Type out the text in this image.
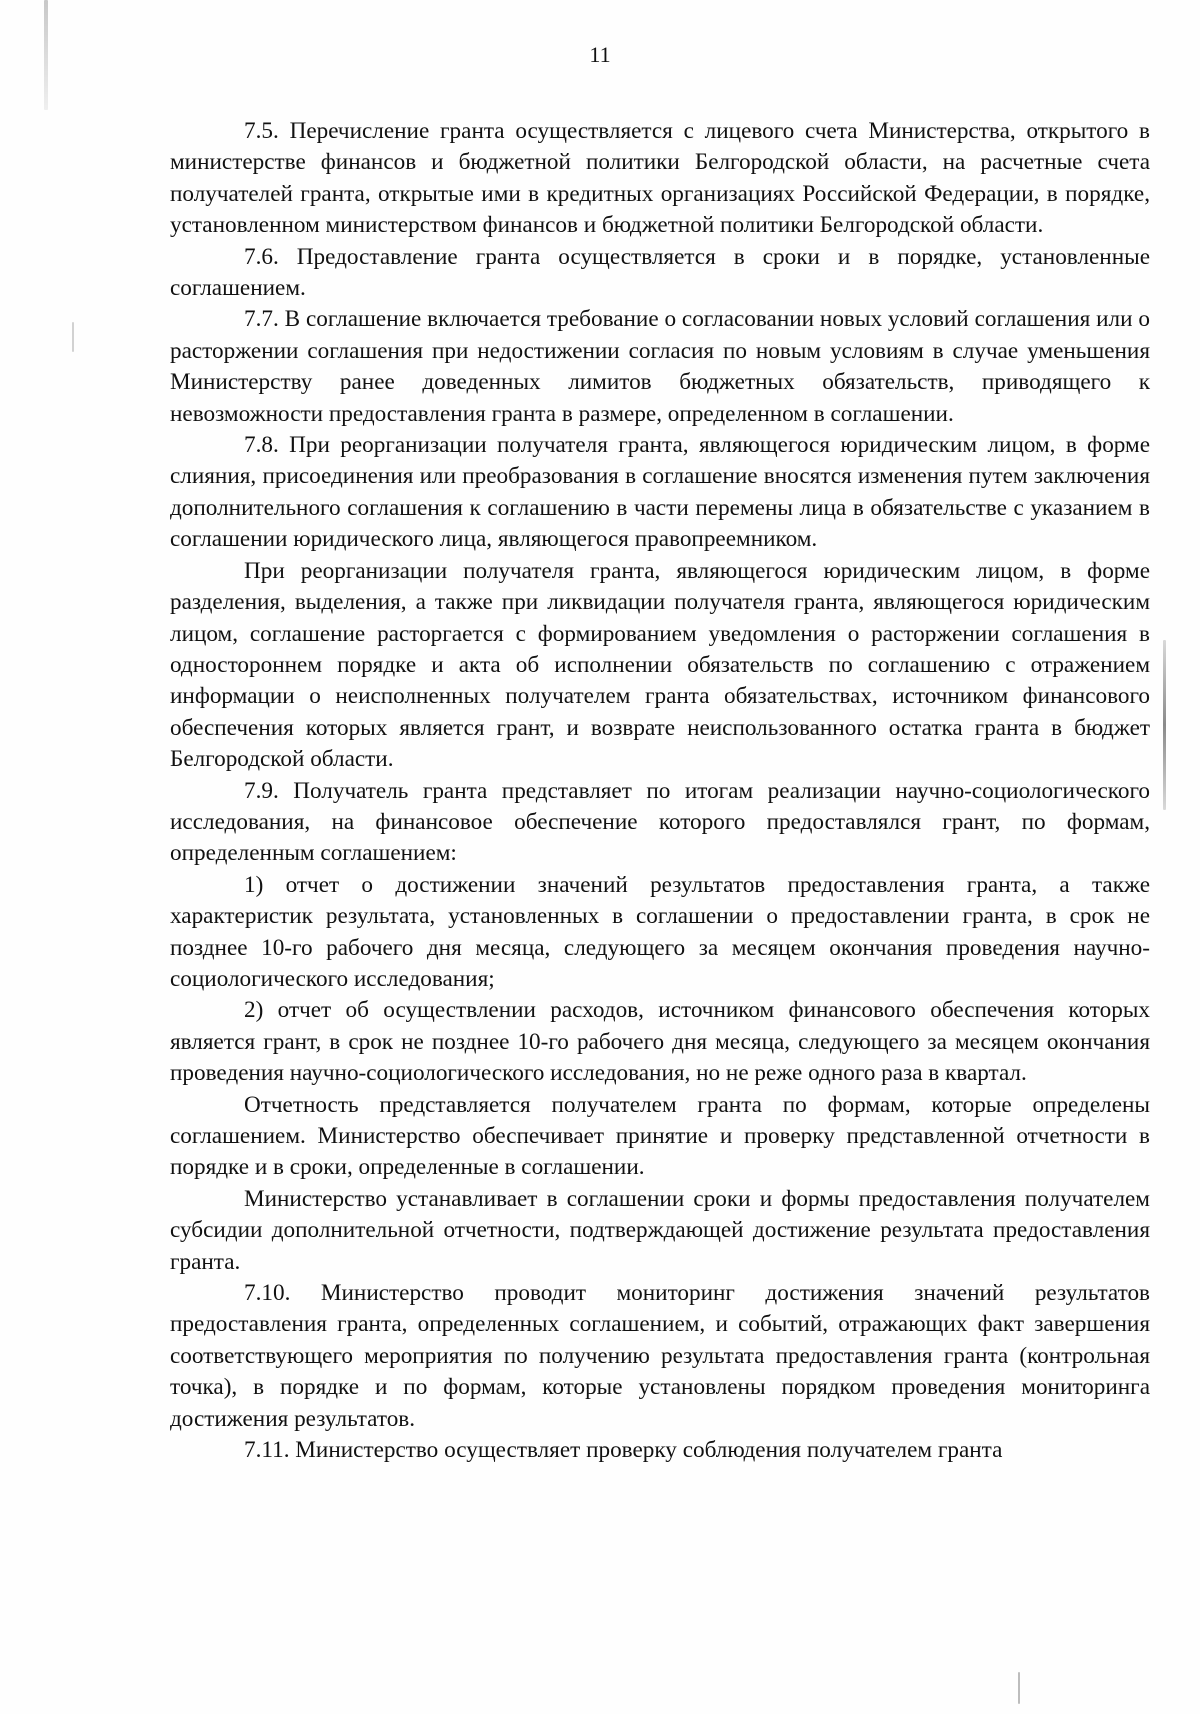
11

7.5. Перечисление гранта осуществляется с лицевого счета Министерства, открытого в министерстве финансов и бюджетной политики Белгородской области, на расчетные счета получателей гранта, открытые ими в кредитных организациях Российской Федерации, в порядке, установленном министерством финансов и бюджетной политики Белгородской области.

7.6. Предоставление гранта осуществляется в сроки и в порядке, установленные соглашением.

7.7. В соглашение включается требование о согласовании новых условий соглашения или о расторжении соглашения при недостижении согласия по новым условиям в случае уменьшения Министерству ранее доведенных лимитов бюджетных обязательств, приводящего к невозможности предоставления гранта в размере, определенном в соглашении.

7.8. При реорганизации получателя гранта, являющегося юридическим лицом, в форме слияния, присоединения или преобразования в соглашение вносятся изменения путем заключения дополнительного соглашения к соглашению в части перемены лица в обязательстве с указанием в соглашении юридического лица, являющегося правопреемником.

При реорганизации получателя гранта, являющегося юридическим лицом, в форме разделения, выделения, а также при ликвидации получателя гранта, являющегося юридическим лицом, соглашение расторгается с формированием уведомления о расторжении соглашения в одностороннем порядке и акта об исполнении обязательств по соглашению с отражением информации о неисполненных получателем гранта обязательствах, источником финансового обеспечения которых является грант, и возврате неиспользованного остатка гранта в бюджет Белгородской области.

7.9. Получатель гранта представляет по итогам реализации научно-социологического исследования, на финансовое обеспечение которого предоставлялся грант, по формам, определенным соглашением:

1) отчет о достижении значений результатов предоставления гранта, а также характеристик результата, установленных в соглашении о предоставлении гранта, в срок не позднее 10-го рабочего дня месяца, следующего за месяцем окончания проведения научно-социологического исследования;

2) отчет об осуществлении расходов, источником финансового обеспечения которых является грант, в срок не позднее 10-го рабочего дня месяца, следующего за месяцем окончания проведения научно-социологического исследования, но не реже одного раза в квартал.

Отчетность представляется получателем гранта по формам, которые определены соглашением. Министерство обеспечивает принятие и проверку представленной отчетности в порядке и в сроки, определенные в соглашении.

Министерство устанавливает в соглашении сроки и формы предоставления получателем субсидии дополнительной отчетности, подтверждающей достижение результата предоставления гранта.

7.10. Министерство проводит мониторинг достижения значений результатов предоставления гранта, определенных соглашением, и событий, отражающих факт завершения соответствующего мероприятия по получению результата предоставления гранта (контрольная точка), в порядке и по формам, которые установлены порядком проведения мониторинга достижения результатов.

7.11. Министерство осуществляет проверку соблюдения получателем гранта
